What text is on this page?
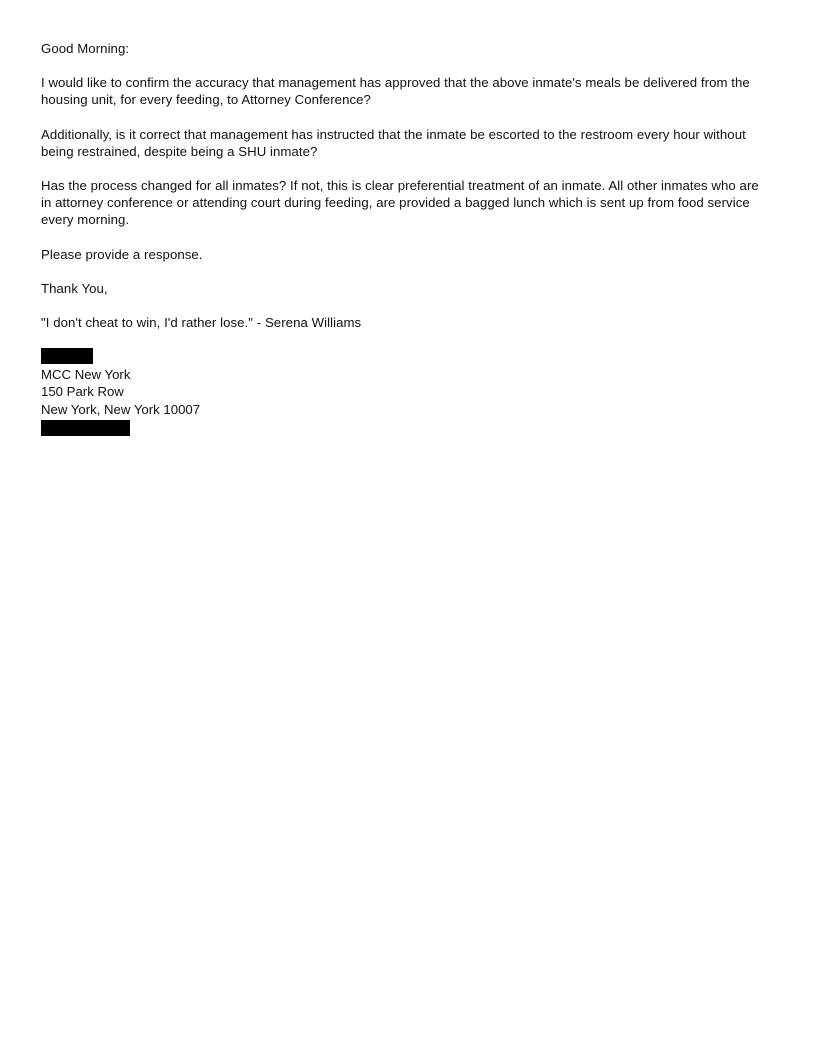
Good Morning:

I would like to confirm the accuracy that management has approved that the above inmate's meals be delivered from the housing unit, for every feeding, to Attorney Conference?

Additionally, is it correct that management has instructed that the inmate be escorted to the restroom every hour without being restrained, despite being a SHU inmate?

Has the process changed for all inmates? If not, this is clear preferential treatment of an inmate. All other inmates who are in attorney conference or attending court during feeding, are provided a bagged lunch which is sent up from food service every morning.

Please provide a response.

Thank You,

"I don't cheat to win, I'd rather lose." - Serena Williams

MCC New York
150 Park Row
New York, New York 10007
